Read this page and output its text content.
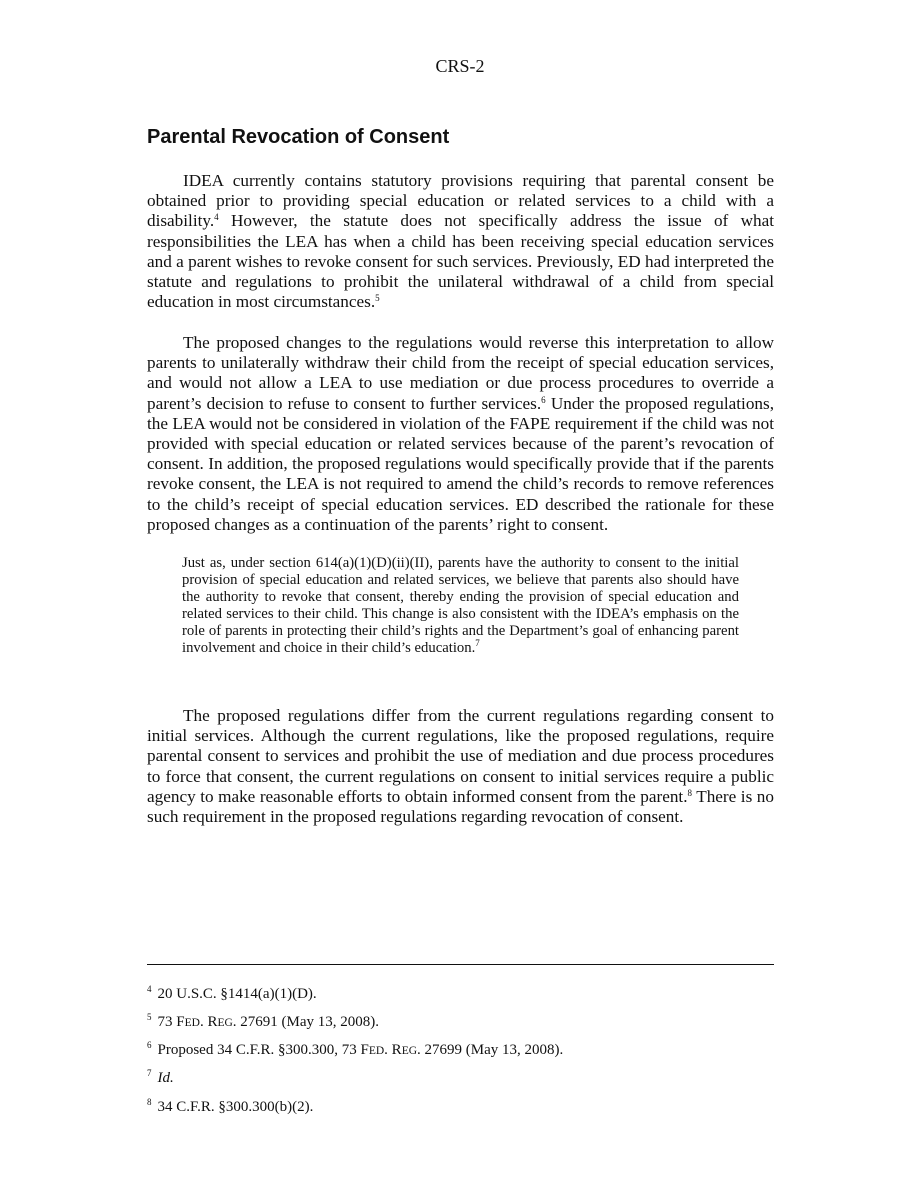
CRS-2
Parental Revocation of Consent

IDEA currently contains statutory provisions requiring that parental consent be obtained prior to providing special education or related services to a child with a disability.$^4$ However, the statute does not specifically address the issue of what responsibilities the LEA has when a child has been receiving special education services and a parent wishes to revoke consent for such services. Previously, ED had interpreted the statute and regulations to prohibit the unilateral withdrawal of a child from special education in most circumstances.$^5$

The proposed changes to the regulations would reverse this interpretation to allow parents to unilaterally withdraw their child from the receipt of special education services, and would not allow a LEA to use mediation or due process procedures to override a parent’s decision to refuse to consent to further services.$^6$ Under the proposed regulations, the LEA would not be considered in violation of the FAPE requirement if the child was not provided with special education or related services because of the parent’s revocation of consent. In addition, the proposed regulations would specifically provide that if the parents revoke consent, the LEA is not required to amend the child’s records to remove references to the child’s receipt of special education services. ED described the rationale for these proposed changes as a continuation of the parents’ right to consent.

Just as, under section 614(a)(1)(D)(ii)(II), parents have the authority to consent to the initial provision of special education and related services, we believe that parents also should have the authority to revoke that consent, thereby ending the provision of special education and related services to their child. This change is also consistent with the IDEA’s emphasis on the role of parents in protecting their child’s rights and the Department’s goal of enhancing parent involvement and choice in their child’s education.$^7$

The proposed regulations differ from the current regulations regarding consent to initial services. Although the current regulations, like the proposed regulations, require parental consent to services and prohibit the use of mediation and due process procedures to force that consent, the current regulations on consent to initial services require a public agency to make reasonable efforts to obtain informed consent from the parent.$^8$ There is no such requirement in the proposed regulations regarding revocation of consent.

$^4$ 20 U.S.C. §1414(a)(1)(D).

$^5$ 73 FED. REG. 27691 (May 13, 2008).

$^6$ Proposed 34 C.F.R. §300.300, 73 FED. REG. 27699 (May 13, 2008).

$^7$ Id.

$^8$ 34 C.F.R. §300.300(b)(2).
